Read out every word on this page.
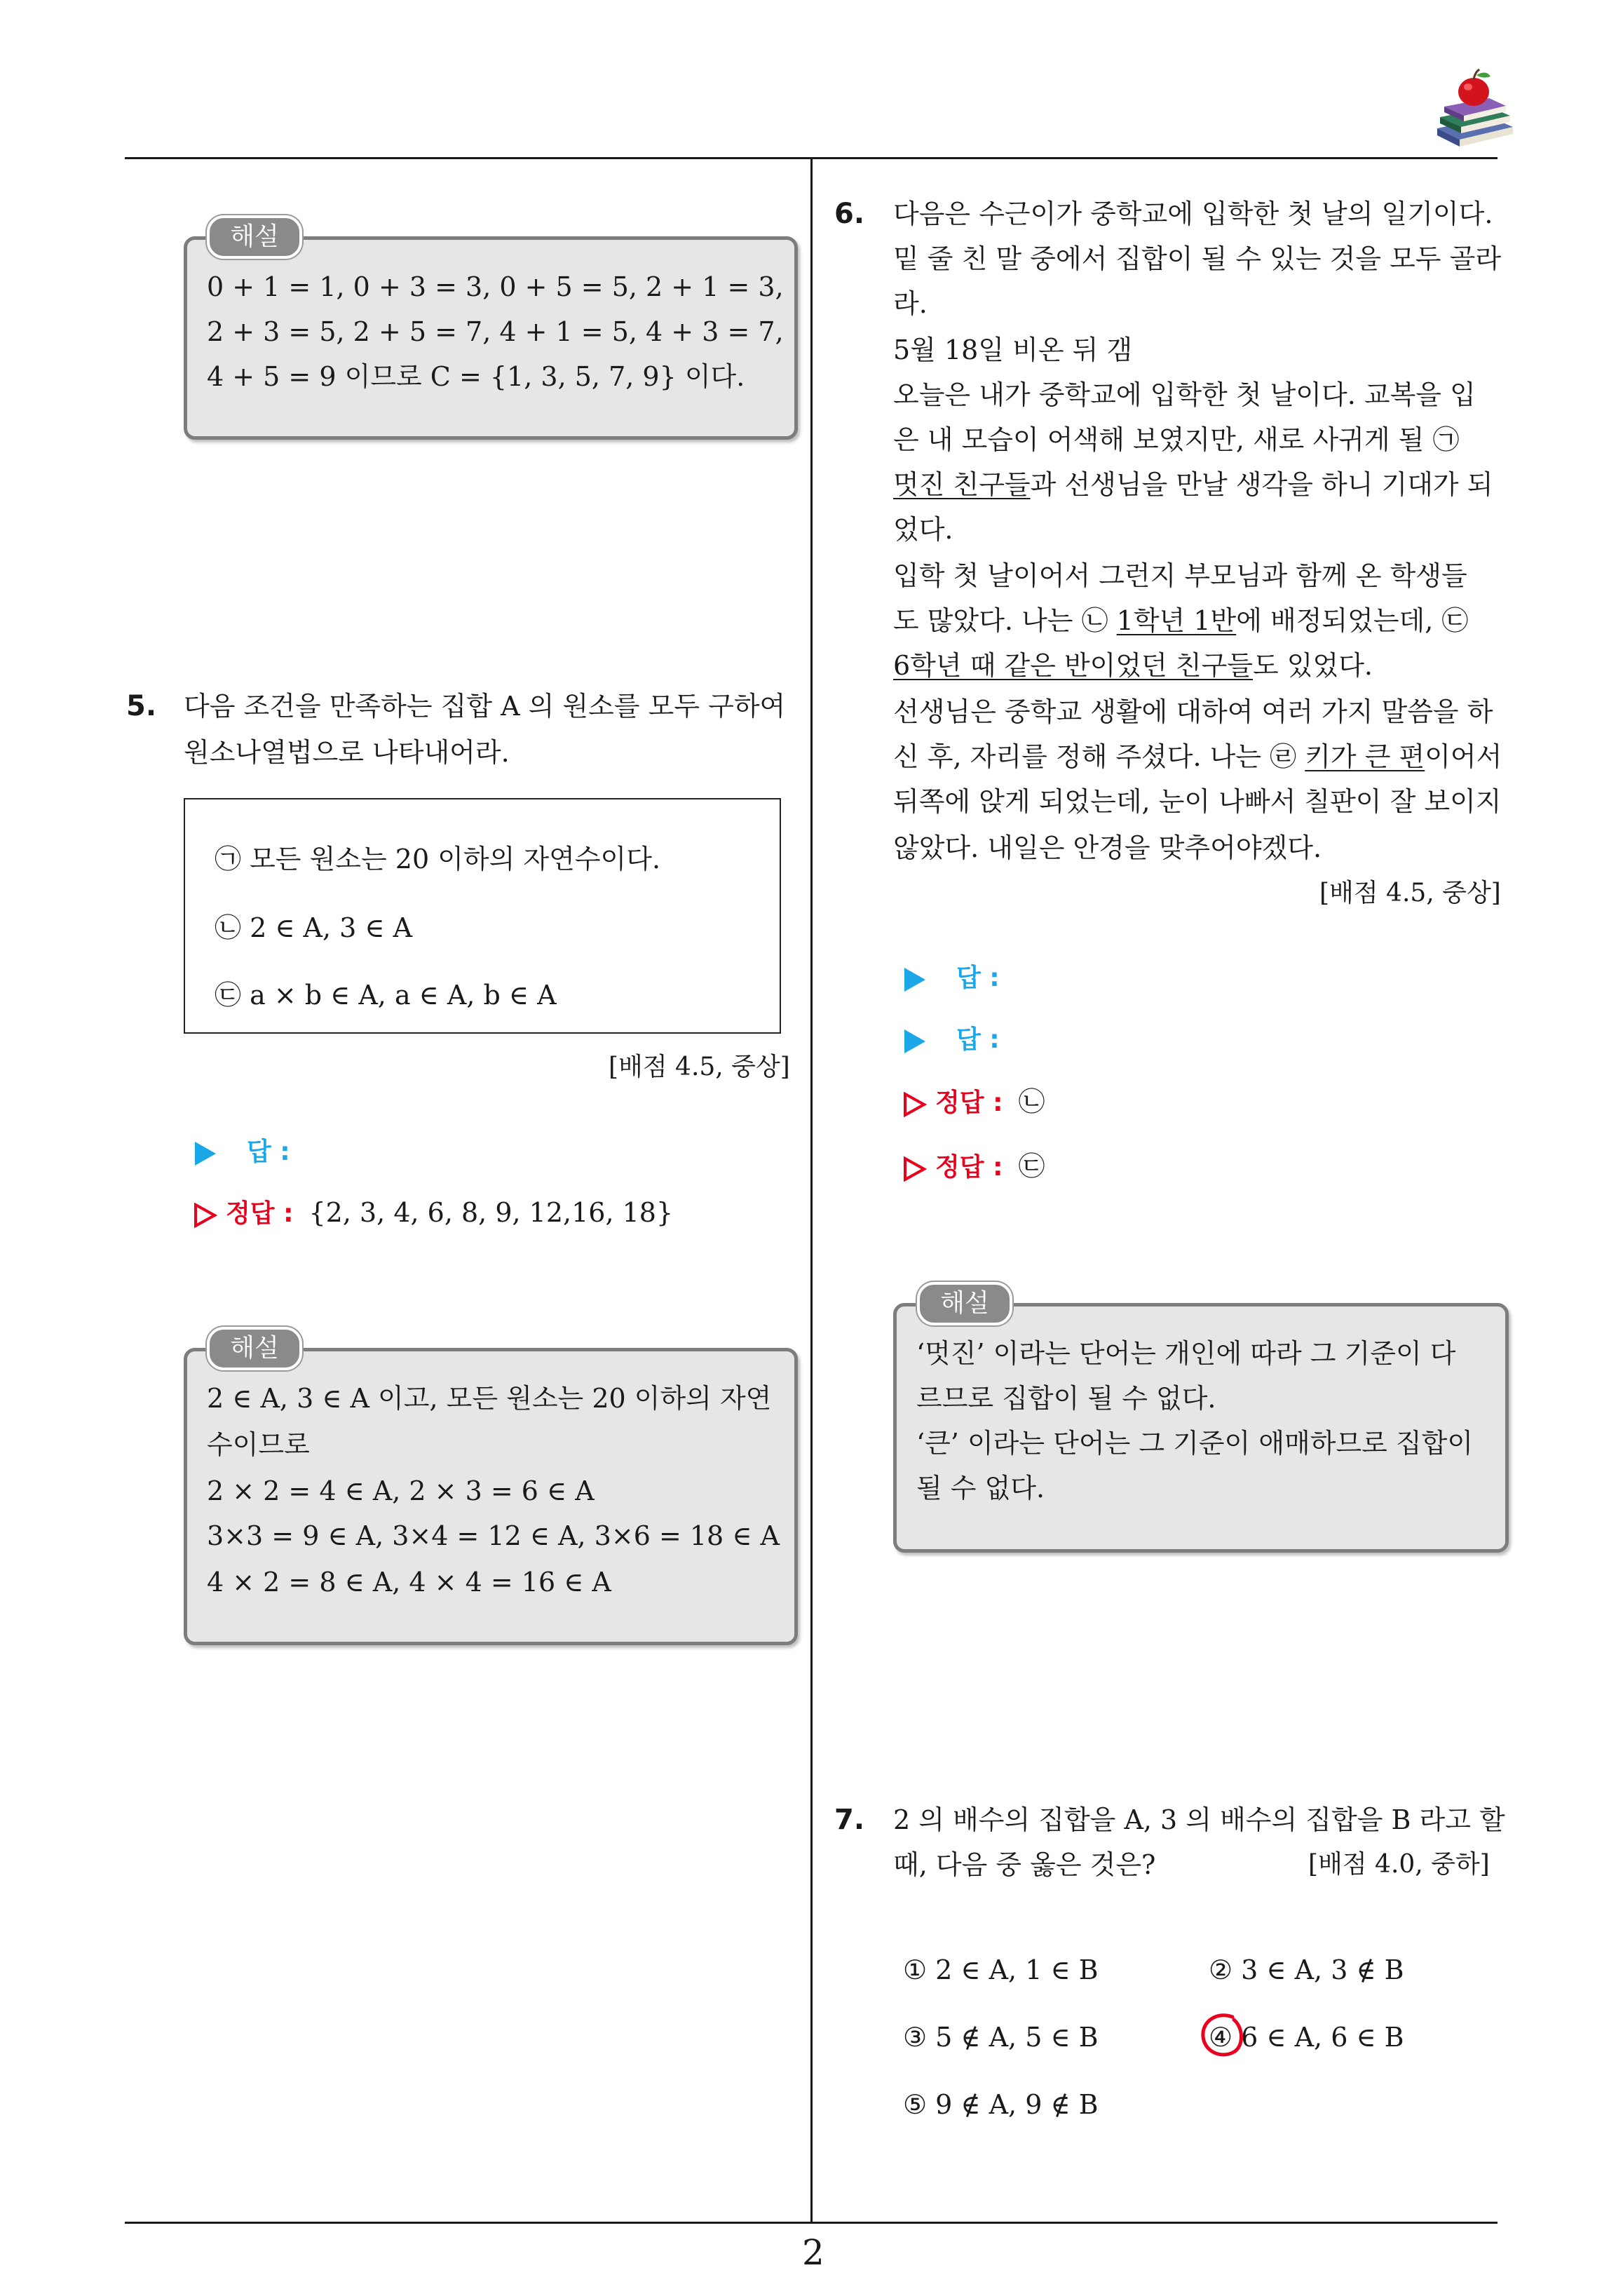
0 + 1 = 1, 0 + 3 = 3, 0 + 5 = 5, 2 + 1 = 3,
2 + 3 = 5, 2 + 5 = 7, 4 + 1 = 5, 4 + 3 = 7,
4 + 5 = 9 이므로 C = {1, 3, 5, 7, 9} 이다.
해설
5. 다음 조건을 만족하는 집합 A 의 원소를 모두 구하여
원소나열법으로 나타내어라.
㉠ 모든 원소는 20 이하의 자연수이다.
㉡ 2 ∈ A, 3 ∈ A
㉢ a × b ∈ A, a ∈ A, b ∈ A
[배점 4.5, 중상]
답 :
정답 : {2, 3, 4, 6, 8, 9, 12,16, 18}
2 ∈ A, 3 ∈ A 이고, 모든 원소는 20 이하의 자연
수이므로
2 × 2 = 4 ∈ A, 2 × 3 = 6 ∈ A
3×3 = 9 ∈ A, 3×4 = 12 ∈ A, 3×6 = 18 ∈ A
4 × 2 = 8 ∈ A, 4 × 4 = 16 ∈ A
해설
6. 다음은 수근이가 중학교에 입학한 첫 날의 일기이다.
밑 줄 친 말 중에서 집합이 될 수 있는 것을 모두 골라
라.
5월 18일 비온 뒤 갬
오늘은 내가 중학교에 입학한 첫 날이다. 교복을 입
은 내 모습이 어색해 보였지만, 새로 사귀게 될 ㉠
멋진 친구들과 선생님을 만날 생각을 하니 기대가 되
었다.
입학 첫 날이어서 그런지 부모님과 함께 온 학생들
도 많았다. 나는 ㉡ 1학년 1반에 배정되었는데, ㉢
6학년 때 같은 반이었던 친구들도 있었다.
선생님은 중학교 생활에 대하여 여러 가지 말씀을 하
신 후, 자리를 정해 주셨다. 나는 ㉣ 키가 큰 편이어서
뒤쪽에 앉게 되었는데, 눈이 나빠서 칠판이 잘 보이지
않았다. 내일은 안경을 맞추어야겠다.
[배점 4.5, 중상]
답 :
답 :
정답 : ㉡
정답 : ㉢
‘멋진’ 이라는 단어는 개인에 따라 그 기준이 다
르므로 집합이 될 수 없다.
‘큰’ 이라는 단어는 그 기준이 애매하므로 집합이
될 수 없다.
해설
7. 2 의 배수의 집합을 A, 3 의 배수의 집합을 B 라고 할
때, 다음 중 옳은 것은?	[배점 4.0, 중하]
① 2 ∈ A, 1 ∈ B	② 3 ∈ A, 3 ∉ B
③ 5 ∉ A, 5 ∈ B	④ 6 ∈ A, 6 ∈ B
⑤ 9 ∉ A, 9 ∉ B
2
